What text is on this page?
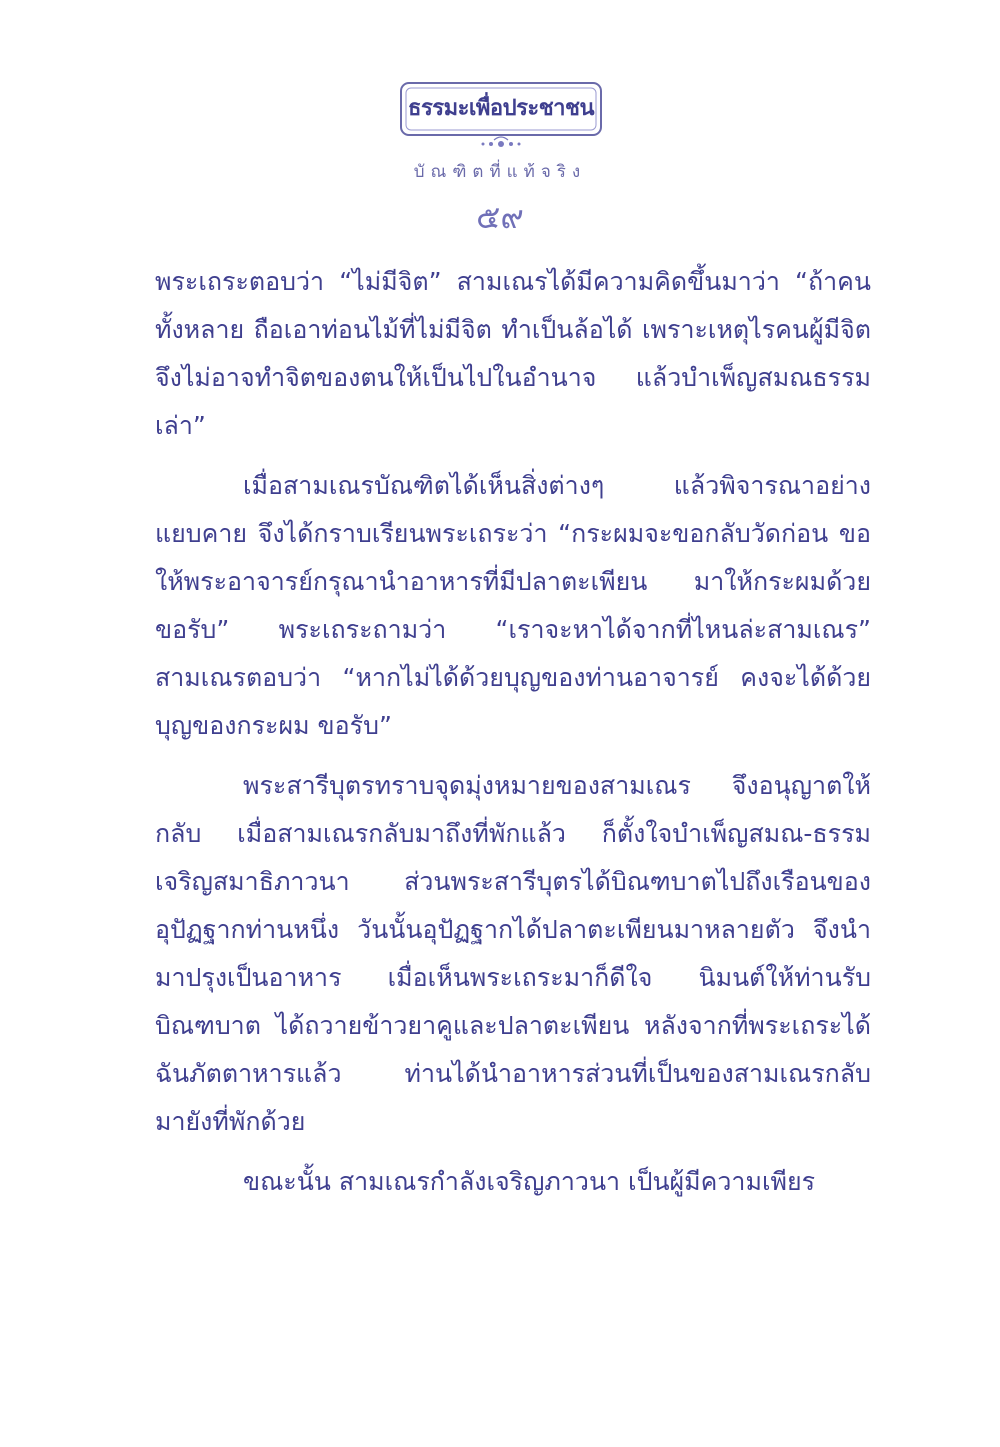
ธรรมะเพื่อประชาชน
บัณฑิตที่แท้จริง
๕๙

พระเถระตอบว่า “ไม่มีจิต” สามเณรได้มีความคิดขึ้นมาว่า “ถ้าคนทั้งหลาย ถือเอาท่อนไม้ที่ไม่มีจิต ทำเป็นล้อได้ เพราะเหตุไรคนผู้มีจิตจึงไม่อาจทำจิตของตนให้เป็นไปในอำนาจ แล้วบำเพ็ญสมณธรรมเล่า”

เมื่อสามเณรบัณฑิตได้เห็นสิ่งต่างๆ แล้วพิจารณาอย่างแยบคาย จึงได้กราบเรียนพระเถระว่า “กระผมจะขอกลับวัดก่อน ขอให้พระอาจารย์กรุณานำอาหารที่มีปลาตะเพียน มาให้กระผมด้วย ขอรับ” พระเถระถามว่า “เราจะหาได้จากที่ไหนล่ะสามเณร” สามเณรตอบว่า “หากไม่ได้ด้วยบุญของท่านอาจารย์ คงจะได้ด้วยบุญของกระผม ขอรับ”

พระสารีบุตรทราบจุดมุ่งหมายของสามเณร จึงอนุญาตให้กลับ เมื่อสามเณรกลับมาถึงที่พักแล้ว ก็ตั้งใจบำเพ็ญสมณ-ธรรมเจริญสมาธิภาวนา ส่วนพระสารีบุตรได้บิณฑบาตไปถึงเรือนของอุปัฏฐากท่านหนึ่ง วันนั้นอุปัฏฐากได้ปลาตะเพียนมาหลายตัว จึงนำมาปรุงเป็นอาหาร เมื่อเห็นพระเถระมาก็ดีใจ นิมนต์ให้ท่านรับบิณฑบาต ได้ถวายข้าวยาคูและปลาตะเพียน หลังจากที่พระเถระได้ฉันภัตตาหารแล้ว ท่านได้นำอาหารส่วนที่เป็นของสามเณรกลับมายังที่พักด้วย

ขณะนั้น สามเณรกำลังเจริญภาวนา เป็นผู้มีความเพียร
